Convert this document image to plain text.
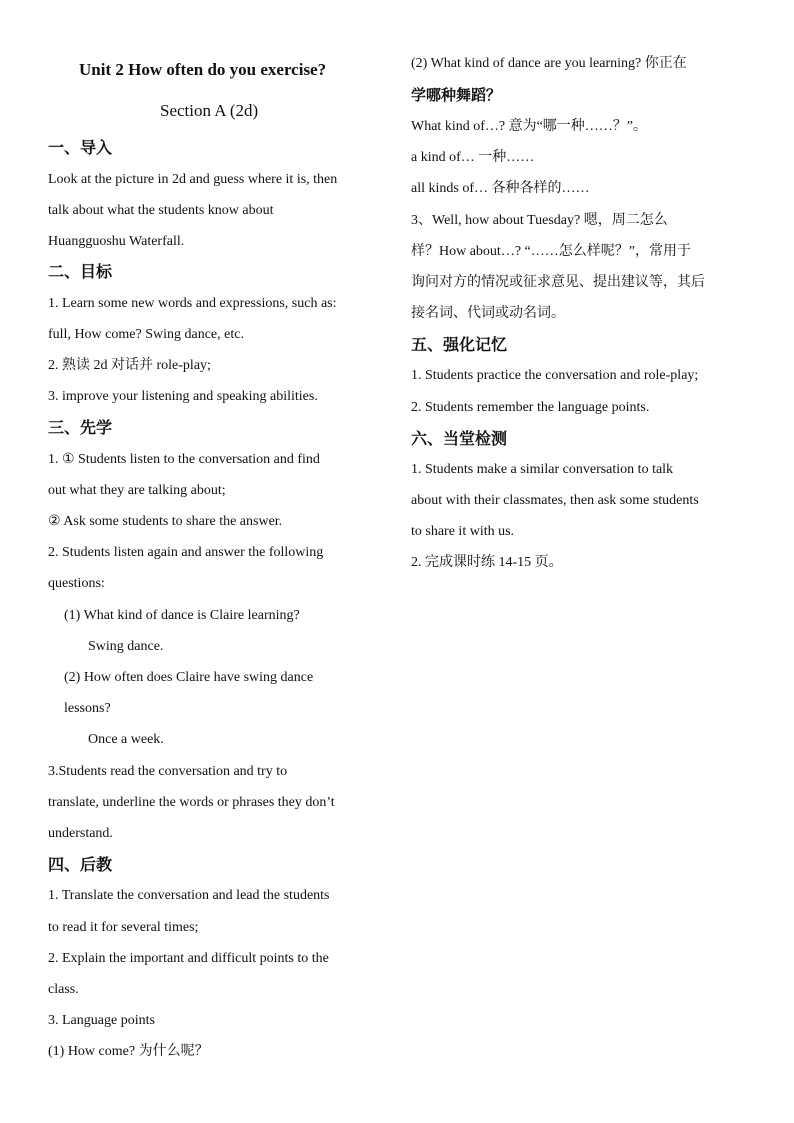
Unit 2 How often do you exercise?
Section A (2d)
一、导入
Look at the picture in 2d and guess where it is, then
talk about what the students know about
Huangguoshu Waterfall.
二、目标
1. Learn some new words and expressions, such as:
full, How come? Swing dance, etc.
2. 熟读 2d 对话并 role-play;
3. improve your listening and speaking abilities.
三、先学
1. ① Students listen to the conversation and find
out what they are talking about;
② Ask some students to share the answer.
2. Students listen again and answer the following
questions:
(1) What kind of dance is Claire learning?
Swing dance.
(2) How often does Claire have swing dance
lessons?
Once a week.
3.Students read the conversation and try to
translate, underline the words or phrases they don’t
understand.
四、后教
1. Translate the conversation and lead the students
to read it for several times;
2. Explain the important and difficult points to the
class.
3. Language points
(1) How come? 为什么呢？
(2) What kind of dance are you learning? 你正在
学哪种舞蹈？
What kind of…? 意为“哪一种……？”。
a kind of… 一种……
all kinds of… 各种各样的……
3、Well, how about Tuesday? 嗯，周二怎么
样？How about…? “……怎么样呢？”，常用于
询问对方的情况或征求意见、提出建议等，其后
接名词、代词或动名词。
五、强化记忆
1. Students practice the conversation and role-play;
2. Students remember the language points.
六、当堂检测
1. Students make a similar conversation to talk
about with their classmates, then ask some students
to share it with us.
2. 完成课时练 14-15 页。
